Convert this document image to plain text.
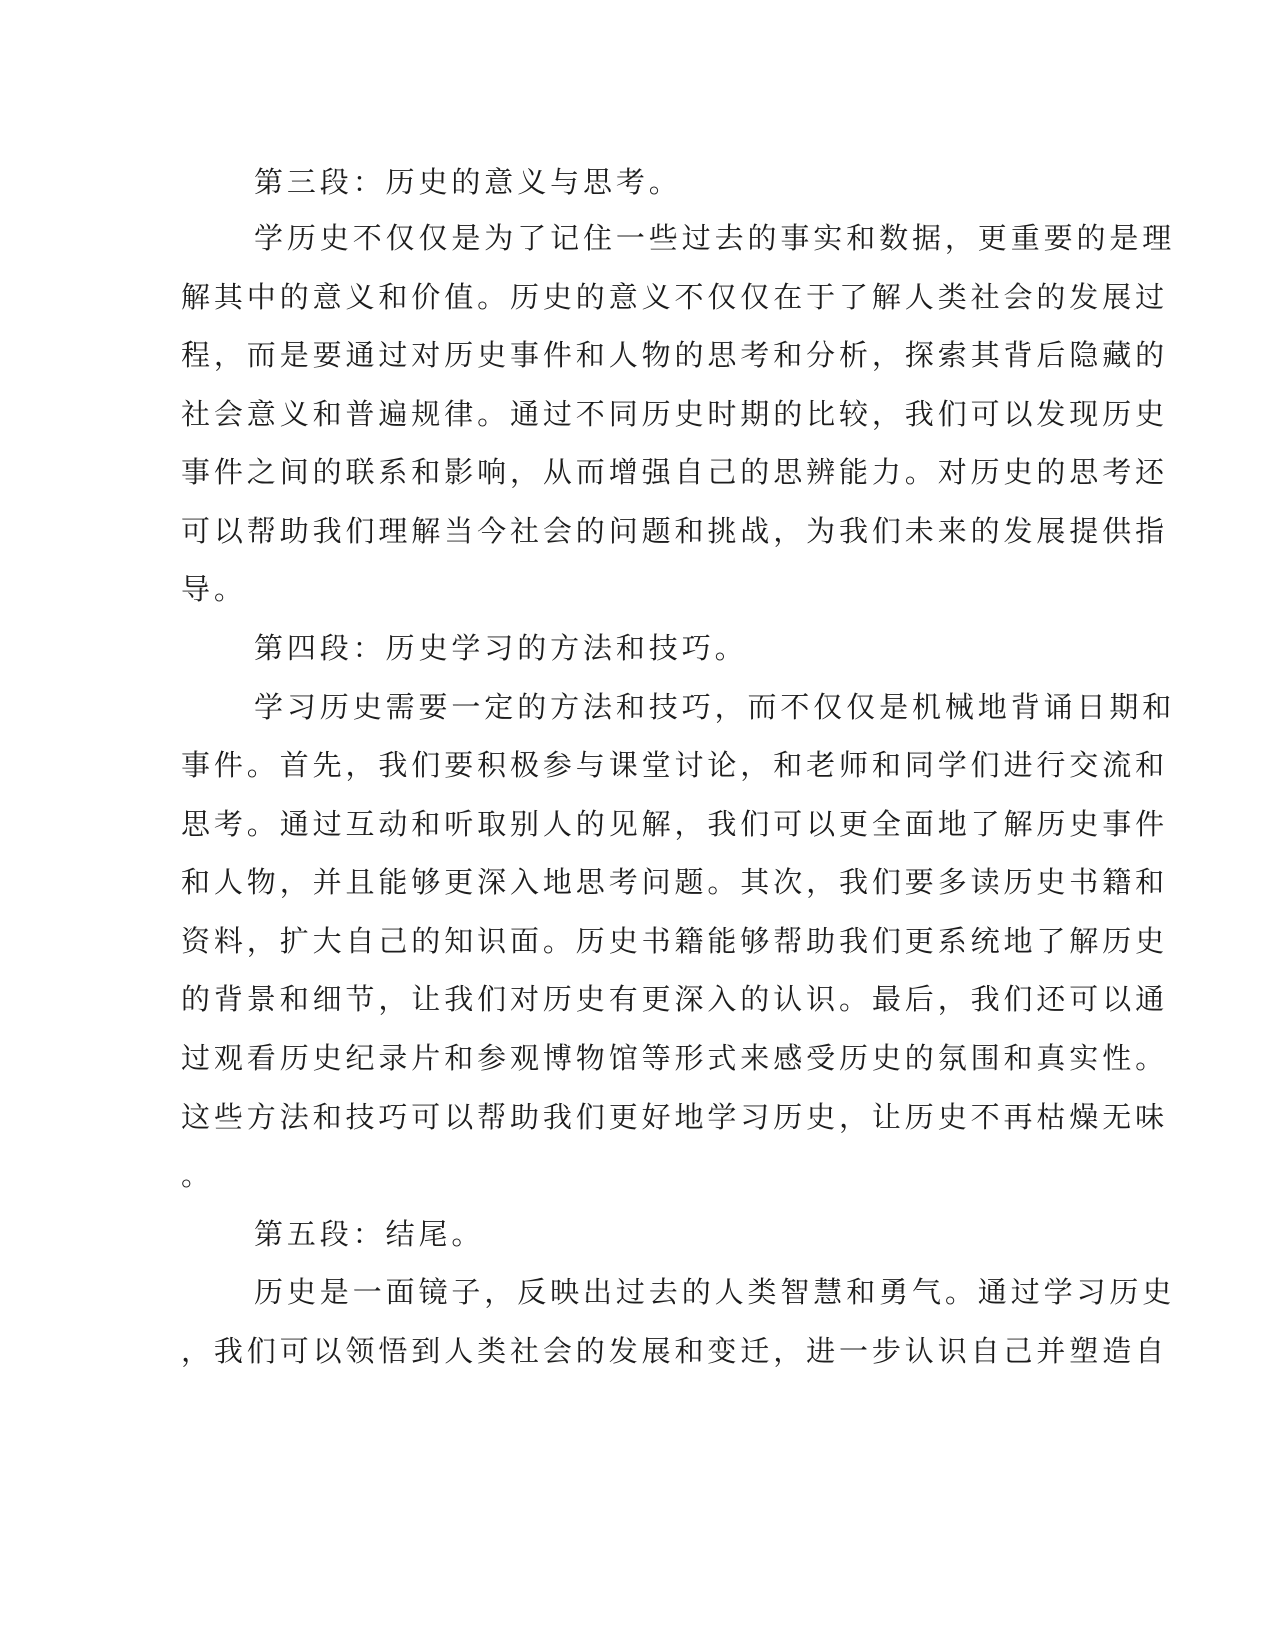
第三段：历史的意义与思考。

学历史不仅仅是为了记住一些过去的事实和数据，更重要的是理

解其中的意义和价值。历史的意义不仅仅在于了解人类社会的发展过

程，而是要通过对历史事件和人物的思考和分析，探索其背后隐藏的

社会意义和普遍规律。通过不同历史时期的比较，我们可以发现历史

事件之间的联系和影响，从而增强自己的思辨能力。对历史的思考还

可以帮助我们理解当今社会的问题和挑战，为我们未来的发展提供指

导。

第四段：历史学习的方法和技巧。

学习历史需要一定的方法和技巧，而不仅仅是机械地背诵日期和

事件。首先，我们要积极参与课堂讨论，和老师和同学们进行交流和

思考。通过互动和听取别人的见解，我们可以更全面地了解历史事件

和人物，并且能够更深入地思考问题。其次，我们要多读历史书籍和

资料，扩大自己的知识面。历史书籍能够帮助我们更系统地了解历史

的背景和细节，让我们对历史有更深入的认识。最后，我们还可以通

过观看历史纪录片和参观博物馆等形式来感受历史的氛围和真实性。

这些方法和技巧可以帮助我们更好地学习历史，让历史不再枯燥无味

。

第五段：结尾。

历史是一面镜子，反映出过去的人类智慧和勇气。通过学习历史

，我们可以领悟到人类社会的发展和变迁，进一步认识自己并塑造自
